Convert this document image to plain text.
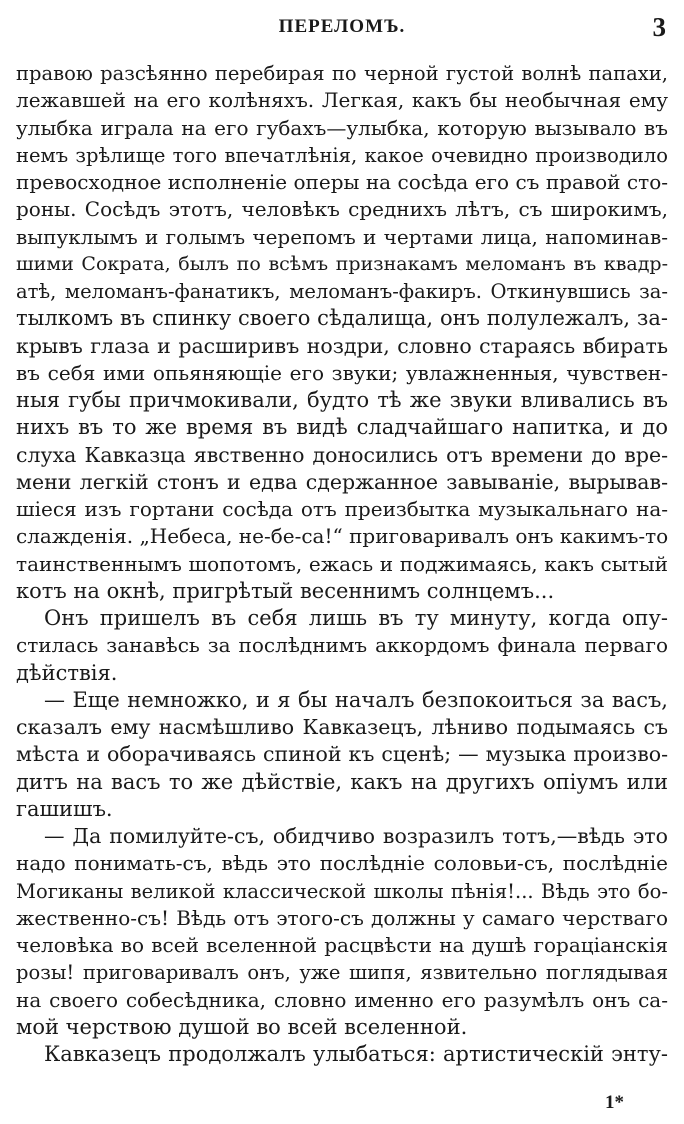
ПЕРЕЛОМЪ.	3
правою разсѣянно перебирая по черной густой волнѣ папахи,
лежавшей на его колѣняхъ. Легкая, какъ бы необычная ему
улыбка играла на его губахъ—улыбка, которую вызывало въ
немъ зрѣлище того впечатлѣнія, какое очевидно производило
превосходное исполненіе оперы на сосѣда его съ правой сто-
роны. Сосѣдъ этотъ, человѣкъ среднихъ лѣтъ, съ широкимъ,
выпуклымъ и голымъ черепомъ и чертами лица, напоминав-
шими Сократа, былъ по всѣмъ признакамъ меломанъ въ квадр-
атѣ, меломанъ-фанатикъ, меломанъ-факиръ. Откинувшись за-
тылкомъ въ спинку своего сѣдалища, онъ полулежалъ, за-
крывъ глаза и расширивъ ноздри, словно стараясь вбирать
въ себя ими опьяняющіе его звуки; увлажненныя, чувствен-
ныя губы причмокивали, будто тѣ же звуки вливались въ
нихъ въ то же время въ видѣ сладчайшаго напитка, и до
слуха Кавказца явственно доносились отъ времени до вре-
мени легкій стонъ и едва сдержанное завываніе, вырывав-
шіеся изъ гортани сосѣда отъ преизбытка музыкальнаго на-
слажденія. „Небеса, не-бе-са!“ приговаривалъ онъ какимъ-то
таинственнымъ шопотомъ, ежась и поджимаясь, какъ сытый
котъ на окнѣ, пригрѣтый весеннимъ солнцемъ...
Онъ пришелъ въ себя лишь въ ту минуту, когда опу-
стилась занавѣсь за послѣднимъ аккордомъ финала перваго
дѣйствія.
— Еще немножко, и я бы началъ безпокоиться за васъ,
сказалъ ему насмѣшливо Кавказецъ, лѣниво подымаясь съ
мѣста и оборачиваясь спиной къ сценѣ; — музыка произво-
дитъ на васъ то же дѣйствіе, какъ на другихъ опіумъ или
гашишъ.
— Да помилуйте-съ, обидчиво возразилъ тотъ,—вѣдь это
надо понимать-съ, вѣдь это послѣдніе соловьи-съ, послѣдніе
Могиканы великой классической школы пѣнія!... Вѣдь это бо-
жественно-съ! Вѣдь отъ этого-съ должны у самаго черстваго
человѣка во всей вселенной расцвѣсти на душѣ гораціанскія
розы! приговаривалъ онъ, уже шипя, язвительно поглядывая
на своего собесѣдника, словно именно его разумѣлъ онъ са-
мой черствою душой во всей вселенной.
Кавказецъ продолжалъ улыбаться: артистическій энту-
1*
